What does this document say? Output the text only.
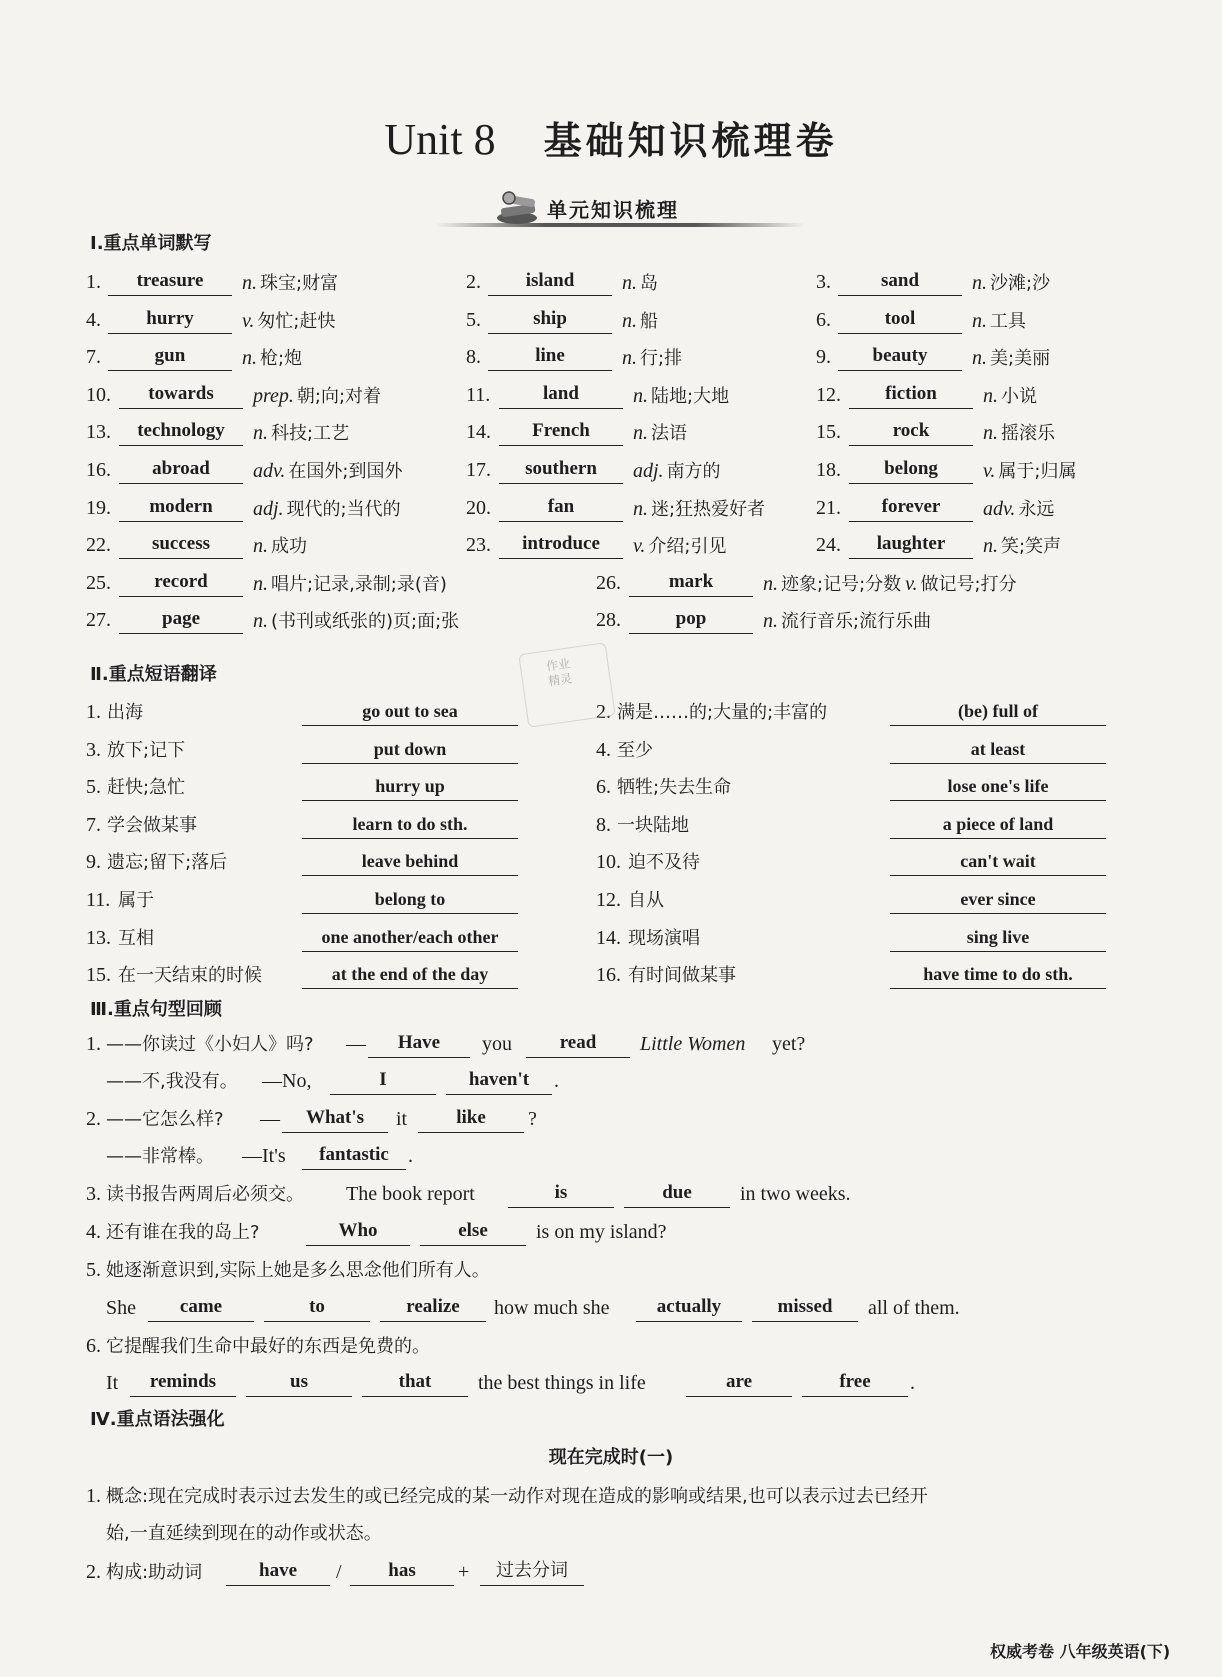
Unit 8 基础知识梳理卷
单元知识梳理
Ⅰ.重点单词默写
1.	treasure	n. 珠宝;财富	2.	island	n. 岛	3.	sand	n. 沙滩;沙
4.	hurry	v. 匆忙;赶快	5.	ship	n. 船	6.	tool	n. 工具
7.	gun	n. 枪;炮	8.	line	n. 行;排	9.	beauty	n. 美;美丽
10.	towards	prep. 朝;向;对着	11.	land	n. 陆地;大地	12.	fiction	n. 小说
13.	technology	n. 科技;工艺	14.	French	n. 法语	15.	rock	n. 摇滚乐
16.	abroad	adv. 在国外;到国外	17.	southern	adj. 南方的	18.	belong	v. 属于;归属
19.	modern	adj. 现代的;当代的	20.	fan	n. 迷;狂热爱好者	21.	forever	adv. 永远
22.	success	n. 成功	23.	introduce	v. 介绍;引见	24.	laughter	n. 笑;笑声
25.	record	n. 唱片;记录,录制;录(音)	26.	mark	n. 迹象;记号;分数 v. 做记号;打分
27.	page	n. (书刊或纸张的)页;面;张	28.	pop	n. 流行音乐;流行乐曲
Ⅱ.重点短语翻译
1. 出海	go out to sea	2. 满是……的;大量的;丰富的	(be) full of
3. 放下;记下	put down	4. 至少	at least
5. 赶快;急忙	hurry up	6. 牺牲;失去生命	lose one's life
7. 学会做某事	learn to do sth.	8. 一块陆地	a piece of land
9. 遗忘;留下;落后	leave behind	10. 迫不及待	can't wait
11. 属于	belong to	12. 自从	ever since
13. 互相	one another/each other	14. 现场演唱	sing live
15. 在一天结束的时候	at the end of the day	16. 有时间做某事	have time to do sth.
作业
精灵
Ⅲ.重点句型回顾
1. ——你读过《小妇人》吗? —	Have	you	read	Little Women yet?
——不,我没有。 —No,	I	haven't	.
2. ——它怎么样? —	What's	it	like	?
——非常棒。 —It's	fantastic .
3. 读书报告两周后必须交。 The book report	is	due	in two weeks.
4. 还有谁在我的岛上?	Who	else	is on my island?
5. 她逐渐意识到,实际上她是多么思念他们所有人。
She	came	to	realize	how much she	actually	missed	all of them.
6. 它提醒我们生命中最好的东西是免费的。
It	reminds	us	that	the best things in life	are	free	.
Ⅳ.重点语法强化
现在完成时(一)
1. 概念:现在完成时表示过去发生的或已经完成的某一动作对现在造成的影响或结果,也可以表示过去已经开
始,一直延续到现在的动作或状态。
2. 构成:助动词	have	/	has	+	过去分词
权威考卷 八年级英语(下)
